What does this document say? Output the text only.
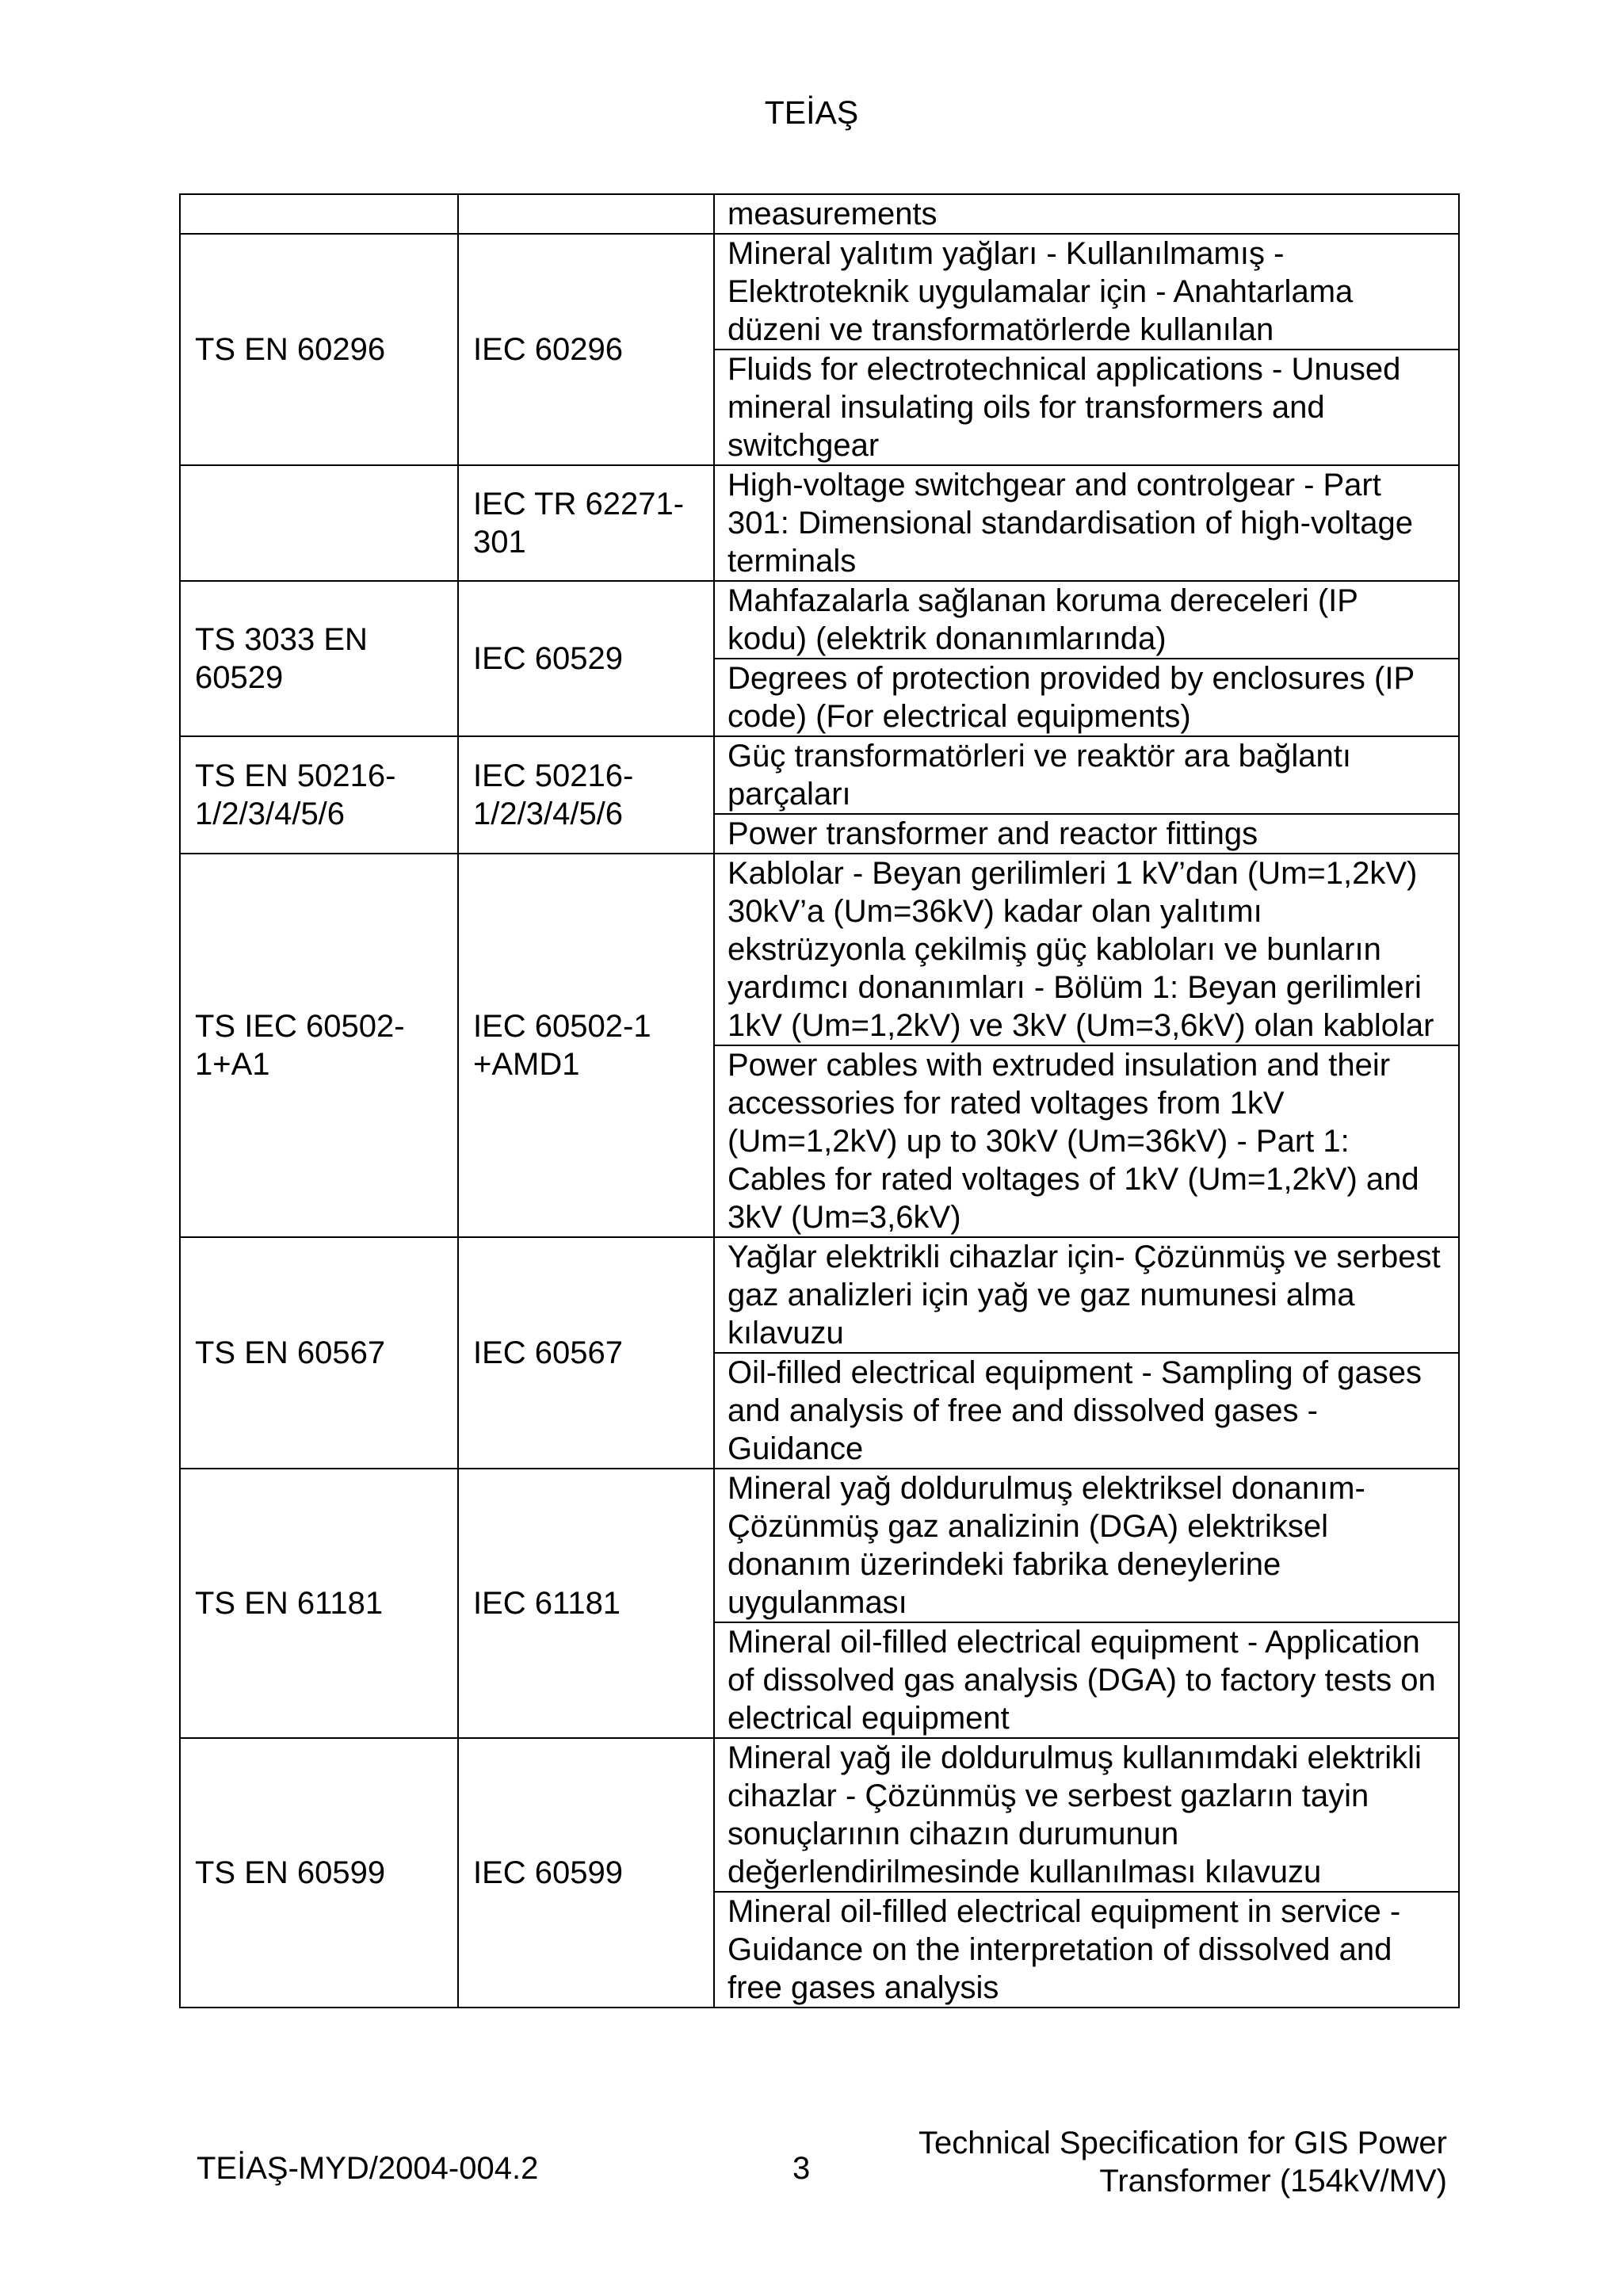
TEİAŞ
		measurements
TS EN 60296	IEC 60296	Mineral yalıtım yağları - Kullanılmamış - Elektroteknik uygulamalar için - Anahtarlama düzeni ve transformatörlerde kullanılan
		Fluids for electrotechnical applications - Unused mineral insulating oils for transformers and switchgear
	IEC TR 62271-301	High-voltage switchgear and controlgear - Part 301: Dimensional standardisation of high-voltage terminals
TS 3033 EN 60529	IEC 60529	Mahfazalarla sağlanan koruma dereceleri (IP kodu) (elektrik donanımlarında)
		Degrees of protection provided by enclosures (IP code) (For electrical equipments)
TS EN 50216-1/2/3/4/5/6	IEC 50216-1/2/3/4/5/6	Güç transformatörleri ve reaktör ara bağlantı parçaları
		Power transformer and reactor fittings
TS IEC 60502-1+A1	IEC 60502-1 +AMD1	Kablolar - Beyan gerilimleri 1 kV’dan (Um=1,2kV) 30kV’a (Um=36kV) kadar olan yalıtımı ekstrüzyonla çekilmiş güç kabloları ve bunların yardımcı donanımları - Bölüm 1: Beyan gerilimleri 1kV (Um=1,2kV) ve 3kV (Um=3,6kV) olan kablolar
		Power cables with extruded insulation and their accessories for rated voltages from 1kV (Um=1,2kV) up to 30kV (Um=36kV) - Part 1: Cables for rated voltages of 1kV (Um=1,2kV) and 3kV (Um=3,6kV)
TS EN 60567	IEC 60567	Yağlar elektrikli cihazlar için- Çözünmüş ve serbest gaz analizleri için yağ ve gaz numunesi alma kılavuzu
		Oil-filled electrical equipment - Sampling of gases and analysis of free and dissolved gases - Guidance
TS EN 61181	IEC 61181	Mineral yağ doldurulmuş elektriksel donanım- Çözünmüş gaz analizinin (DGA) elektriksel donanım üzerindeki fabrika deneylerine uygulanması
		Mineral oil-filled electrical equipment - Application of dissolved gas analysis (DGA) to factory tests on electrical equipment
TS EN 60599	IEC 60599	Mineral yağ ile doldurulmuş kullanımdaki elektrikli cihazlar - Çözünmüş ve serbest gazların tayin sonuçlarının cihazın durumunun değerlendirilmesinde kullanılması kılavuzu
		Mineral oil-filled electrical equipment in service - Guidance on the interpretation of dissolved and free gases analysis
TEİAŞ-MYD/2004-004.2	3
Technical Specification for GIS Power
Transformer (154kV/MV)
